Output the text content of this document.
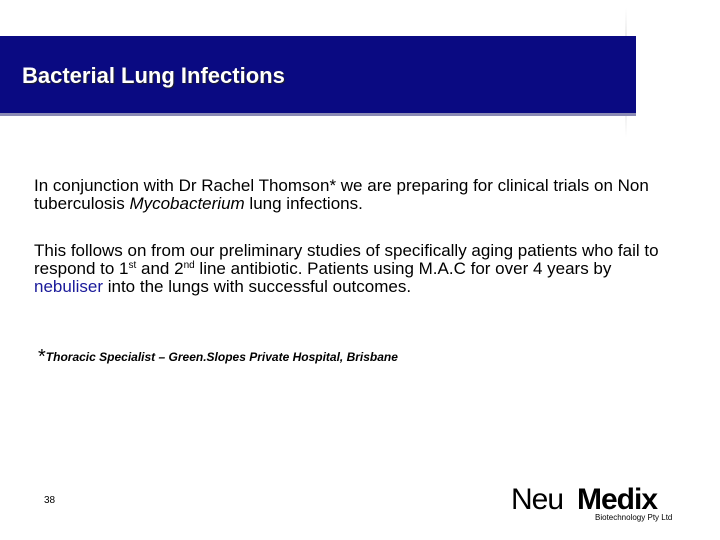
Bacterial Lung Infections
In conjunction with Dr Rachel Thomson* we are preparing for clinical trials on Non tuberculosis Mycobacterium lung infections.
This follows on from our preliminary studies of specifically aging patients who fail to respond to 1st and 2nd line antibiotic. Patients using M.A.C for over 4 years by nebuliser into the lungs with successful outcomes.
*Thoracic Specialist – Green.Slopes Private Hospital, Brisbane
38	Neu Medix
Biotechnology Pty Ltd
